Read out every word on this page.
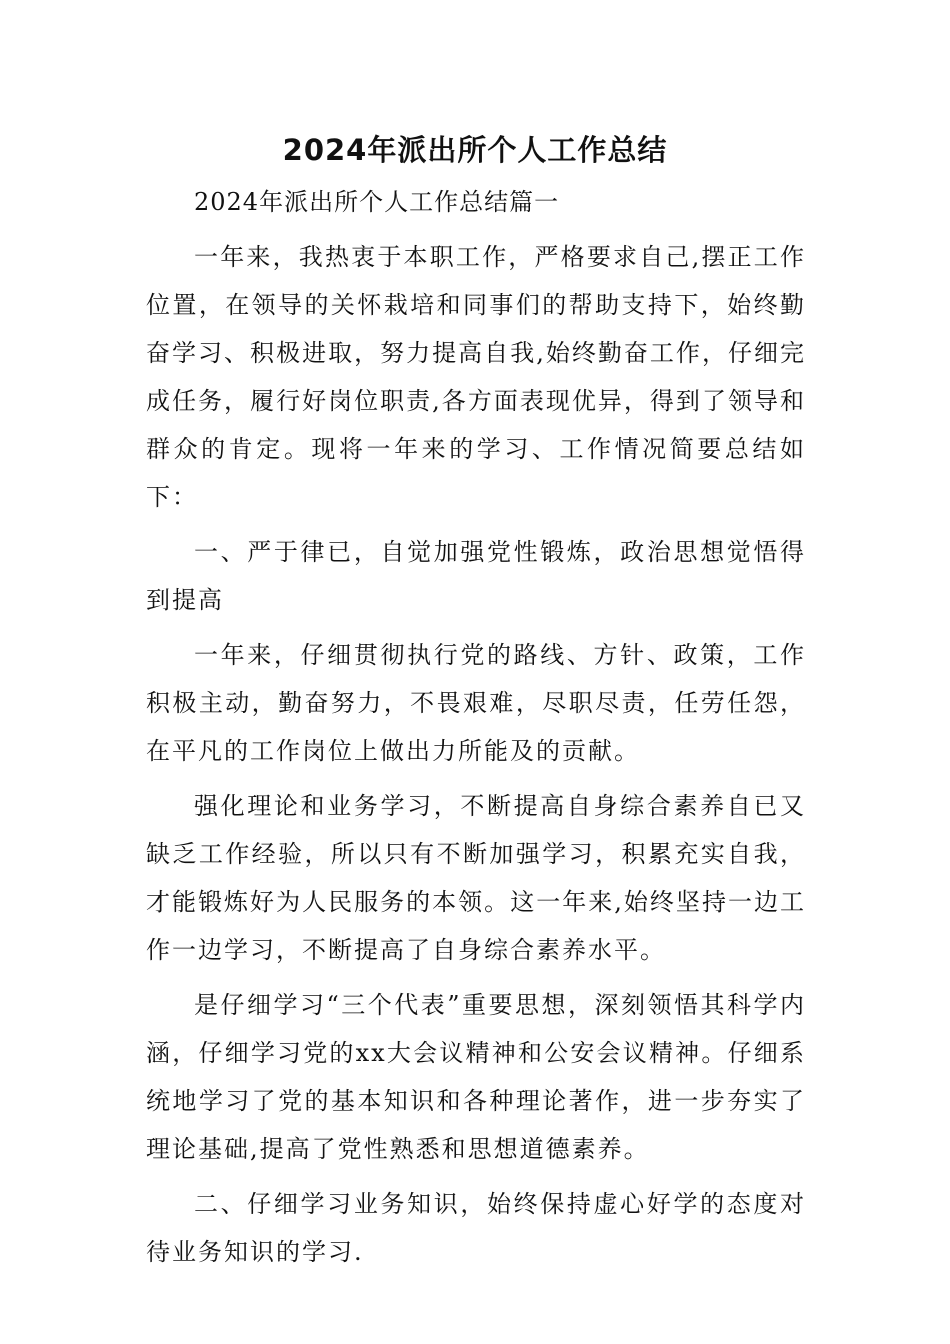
2024年派出所个人工作总结

2024年派出所个人工作总结篇一

一年来，我热衷于本职工作，严格要求自己,摆正工作位置，在领导的关怀栽培和同事们的帮助支持下，始终勤奋学习、积极进取，努力提高自我,始终勤奋工作，仔细完成任务，履行好岗位职责,各方面表现优异，得到了领导和群众的肯定。现将一年来的学习、工作情况简要总结如下：

一、严于律已，自觉加强党性锻炼，政治思想觉悟得到提高

一年来，仔细贯彻执行党的路线、方针、政策，工作积极主动，勤奋努力，不畏艰难，尽职尽责，任劳任怨，在平凡的工作岗位上做出力所能及的贡献。

强化理论和业务学习，不断提高自身综合素养自已又缺乏工作经验，所以只有不断加强学习，积累充实自我，才能锻炼好为人民服务的本领。这一年来,始终坚持一边工作一边学习，不断提高了自身综合素养水平。

是仔细学习“三个代表”重要思想，深刻领悟其科学内涵，仔细学习党的xx大会议精神和公安会议精神。仔细系统地学习了党的基本知识和各种理论著作，进一步夯实了理论基础,提高了党性熟悉和思想道德素养。

二、仔细学习业务知识，始终保持虚心好学的态度对待业务知识的学习.
